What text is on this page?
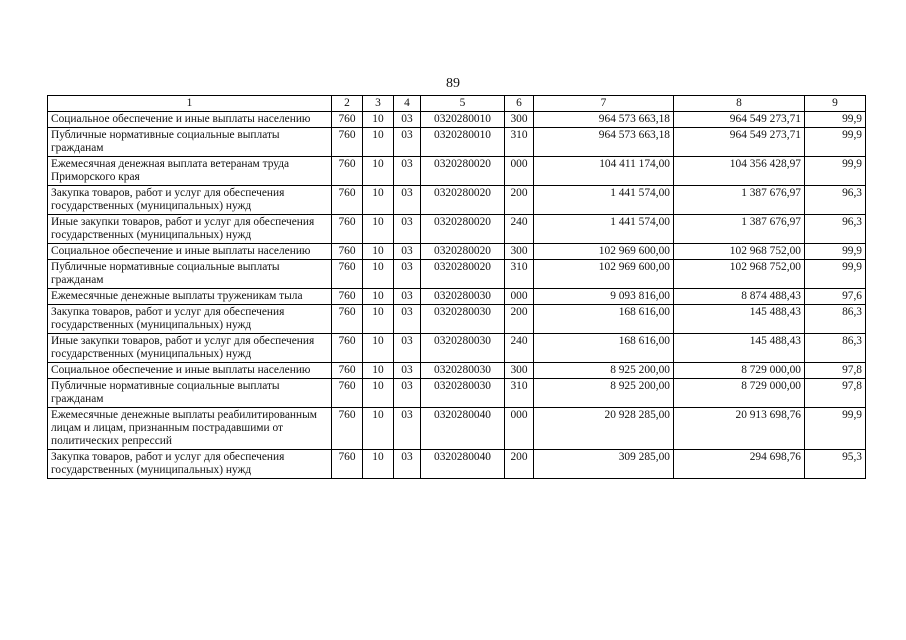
89
1	2	3	4	5	6	7	8	9
Социальное обеспечение и иные выплаты населению	760	10	03	0320280010	300	964 573 663,18	964 549 273,71	99,9
Публичные нормативные социальные выплаты гражданам	760	10	03	0320280010	310	964 573 663,18	964 549 273,71	99,9
Ежемесячная денежная выплата ветеранам труда Приморского края	760	10	03	0320280020	000	104 411 174,00	104 356 428,97	99,9
Закупка товаров, работ и услуг для обеспечения государственных (муниципальных) нужд	760	10	03	0320280020	200	1 441 574,00	1 387 676,97	96,3
Иные закупки товаров, работ и услуг для обеспечения государственных (муниципальных) нужд	760	10	03	0320280020	240	1 441 574,00	1 387 676,97	96,3
Социальное обеспечение и иные выплаты населению	760	10	03	0320280020	300	102 969 600,00	102 968 752,00	99,9
Публичные нормативные социальные выплаты гражданам	760	10	03	0320280020	310	102 969 600,00	102 968 752,00	99,9
Ежемесячные денежные выплаты труженикам тыла	760	10	03	0320280030	000	9 093 816,00	8 874 488,43	97,6
Закупка товаров, работ и услуг для обеспечения государственных (муниципальных) нужд	760	10	03	0320280030	200	168 616,00	145 488,43	86,3
Иные закупки товаров, работ и услуг для обеспечения государственных (муниципальных) нужд	760	10	03	0320280030	240	168 616,00	145 488,43	86,3
Социальное обеспечение и иные выплаты населению	760	10	03	0320280030	300	8 925 200,00	8 729 000,00	97,8
Публичные нормативные социальные выплаты гражданам	760	10	03	0320280030	310	8 925 200,00	8 729 000,00	97,8
Ежемесячные денежные выплаты реабилитированным лицам и лицам, признанным пострадавшими от политических репрессий	760	10	03	0320280040	000	20 928 285,00	20 913 698,76	99,9
Закупка товаров, работ и услуг для обеспечения государственных (муниципальных) нужд	760	10	03	0320280040	200	309 285,00	294 698,76	95,3
